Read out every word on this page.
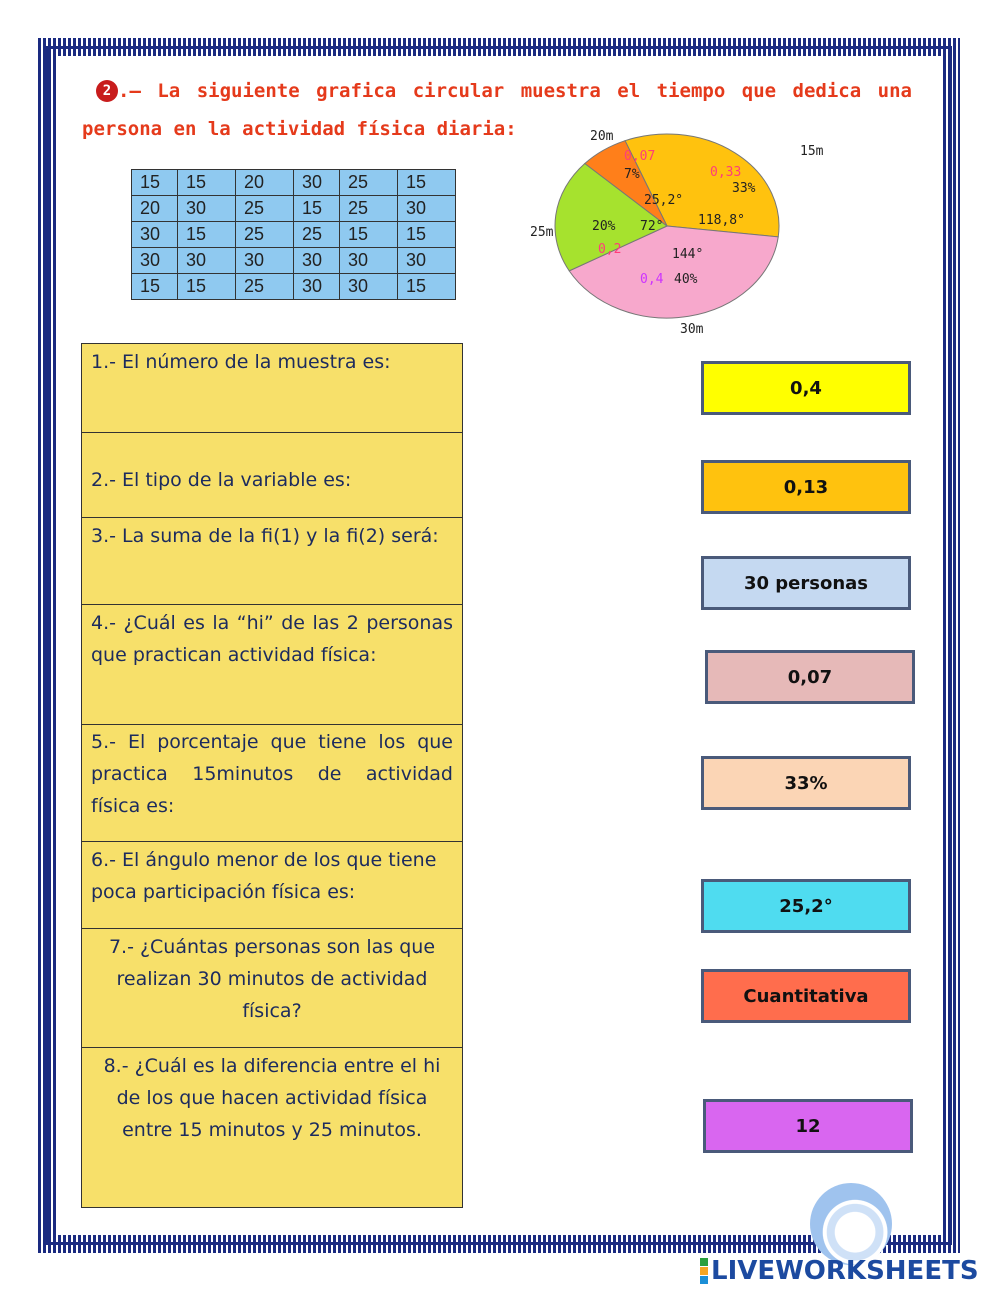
2 .– La siguiente grafica circular muestra el tiempo que dedica una persona en la actividad física diaria:
15	15	20	30	25	15
20	30	25	15	25	30
30	15	25	25	15	15
30	30	30	30	30	30
15	15	25	30	30	15
15m
0,33
33%
118,8°
30m
0,4 40%
144°
25m
0,2
20% 72°
20m
0,07
7%
25,2°
1.- El número de la muestra es:
2.- El tipo de la variable es:
3.- La suma de la fi(1) y la fi(2) será:
4.- ¿Cuál es la “hi” de las 2 personas que practican actividad física:
5.- El porcentaje que tiene los que practica 15minutos de actividad física es:
6.- El ángulo menor de los que tiene poca participación física es:
7.- ¿Cuántas personas son las que realizan 30 minutos de actividad física?
8.- ¿Cuál es la diferencia entre el hi de los que hacen actividad física entre 15 minutos y 25 minutos.
0,4
0,13
30 personas
0,07
33%
25,2°
Cuantitativa
12
LIVEWORKSHEETS
